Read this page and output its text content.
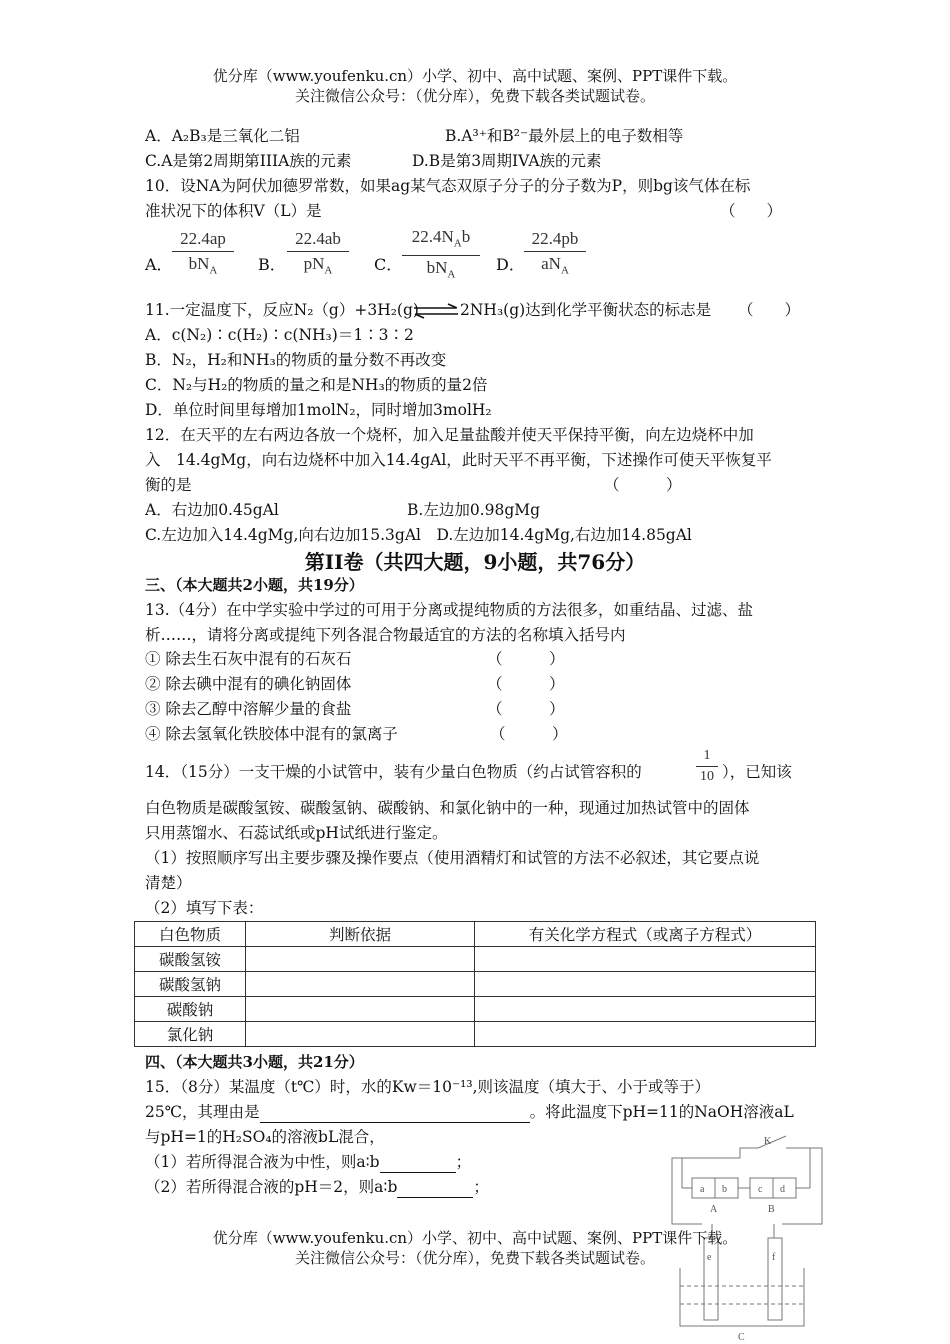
优分库（www.youfenku.cn）小学、初中、高中试题、案例、PPT课件下载。
关注微信公众号：（优分库），免费下载各类试题试卷。
A．A₂B₃是三氧化二铝	B.A³⁺和B²⁻最外层上的电子数相等
C.A是第2周期第IIIA族的元素	D.B是第3周期IVA族的元素
10．设NA为阿伏加德罗常数，如果ag某气态双原子分子的分子数为P，则bg该气体在标
准状况下的体积V（L）是	（　　）
A．
22.4ap
$bN_A$	B．
22.4ab
$pN_A$	C．
$22.4N_Ab$
$bN_A$
D．
22.4pb
$aN_A$
11.一定温度下，反应N₂（g）+3H₂(g) ⇌ 2NH₃(g)达到化学平衡状态的标志是 （　　）
A．c(N₂)∶c(H₂)∶c(NH₃)＝1∶3∶2
B．N₂，H₂和NH₃的物质的量分数不再改变
C．N₂与H₂的物质的量之和是NH₃的物质的量2倍
D．单位时间里每增加1molN₂，同时增加3molH₂
12．在天平的左右两边各放一个烧杯，加入足量盐酸并使天平保持平衡，向左边烧杯中加
入　14.4gMg，向右边烧杯中加入14.4gAl，此时天平不再平衡，下述操作可使天平恢复平
衡的是	（　　　）
A．右边加0.45gAl	B.左边加0.98gMg
C.左边加入14.4gMg,向右边加15.3gAl　D.左边加14.4gMg,右边加14.85gAl
第II卷（共四大题，9小题，共76分）
三、（本大题共2小题，共19分）
13.（4分）在中学实验中学过的可用于分离或提纯物质的方法很多，如重结晶、过滤、盐
析……，请将分离或提纯下列各混合物最适宜的方法的名称填入括号内
① 除去生石灰中混有的石灰石	（　　　）
② 除去碘中混有的碘化钠固体	（　　　）
③ 除去乙醇中溶解少量的食盐	（　　　）
④ 除去氢氧化铁胶体中混有的氯离子	（　　　）
14．（15分）一支干燥的小试管中，装有少量白色物质（约占试管容积的
1
10 ），已知该
白色物质是碳酸氢铵、碳酸氢钠、碳酸钠、和氯化钠中的一种，现通过加热试管中的固体
只用蒸馏水、石蕊试纸或pH试纸进行鉴定。
（1）按照顺序写出主要步骤及操作要点（使用酒精灯和试管的方法不必叙述，其它要点说
清楚）
（2）填写下表：
白色物质	判断依据	有关化学方程式（或离子方程式）
碳酸氢铵		
碳酸氢钠		
碳酸钠		
氯化钠		
四、（本大题共3小题，共21分）
15．（8分）某温度（t℃）时，水的Kw＝10⁻¹³,则该温度（填大于、小于或等于）
25℃，其理由是	。将此温度下pH=11的NaOH溶液aL
与pH=1的H₂SO₄的溶液bL混合，
（1）若所得混合液为中性，则a∶b	；
（2）若所得混合液的pH＝2，则a∶b	；
K
a b	c d
A	B
e	f
C
优分库（www.youfenku.cn）小学、初中、高中试题、案例、PPT课件下载。
关注微信公众号：（优分库），免费下载各类试题试卷。
